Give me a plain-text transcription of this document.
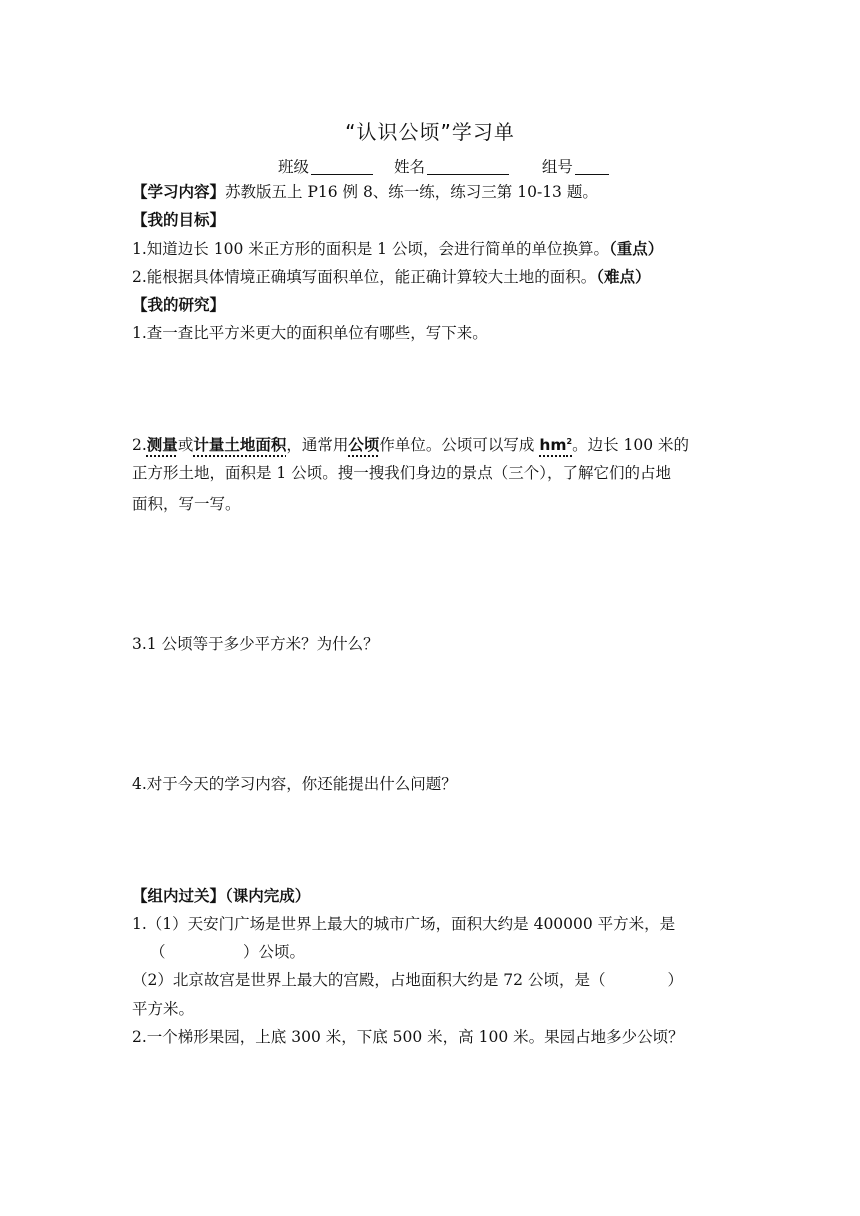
“认识公顷”学习单
班级	姓名	组号
【学习内容】苏教版五上 P16 例 8、练一练，练习三第 10-13 题。
【我的目标】
1.知道边长 100 米正方形的面积是 1 公顷，会进行简单的单位换算。（重点）
2.能根据具体情境正确填写面积单位，能正确计算较大土地的面积。（难点）
【我的研究】
1.查一查比平方米更大的面积单位有哪些，写下来。
2.测量或计量土地面积，通常用公顷作单位。公顷可以写成 $hm^2$。边长 100 米的
正方形土地，面积是 1 公顷。搜一搜我们身边的景点（三个），了解它们的占地
面积，写一写。
3.1 公顷等于多少平方米？为什么？
4.对于今天的学习内容，你还能提出什么问题？
【组内过关】（课内完成）
1.（1）天安门广场是世界上最大的城市广场，面积大约是 400000 平方米，是
（　　　　　）公顷。
（2）北京故宫是世界上最大的宫殿，占地面积大约是 72 公顷，是（　　　　）
平方米。
2.一个梯形果园，上底 300 米，下底 500 米，高 100 米。果园占地多少公顷？
